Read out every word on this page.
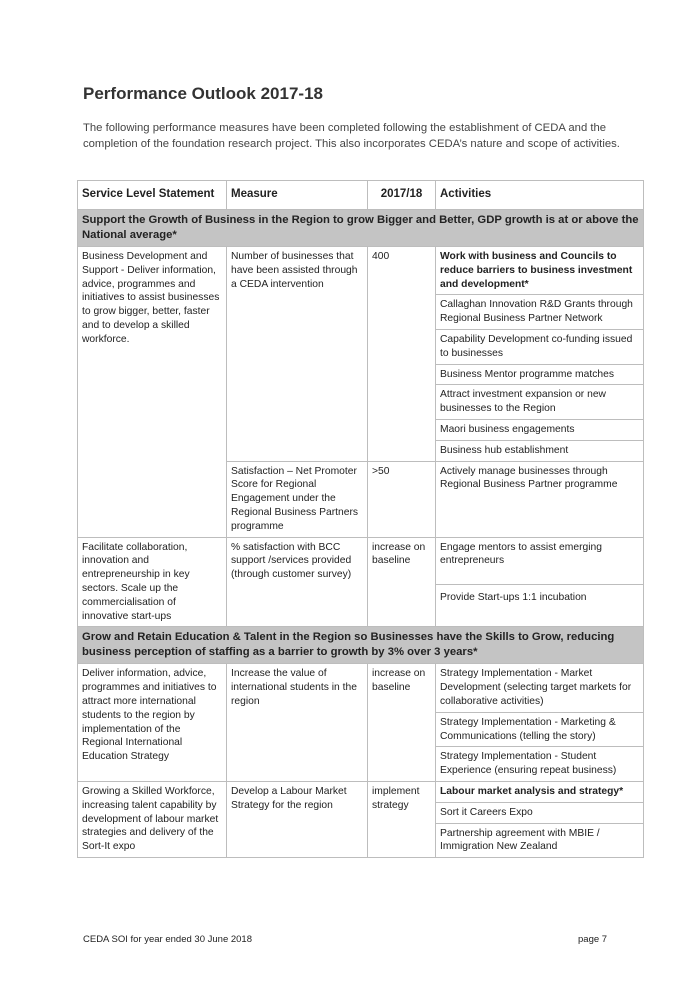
Performance Outlook 2017-18

The following performance measures have been completed following the establishment of CEDA and the completion of the foundation research project. This also incorporates CEDA’s nature and scope of activities.

Service Level Statement	Measure	2017/18	Activities
Support the Growth of Business in the Region to grow Bigger and Better, GDP growth is at or above the National average*			
Business Development and Support - Deliver information, advice, programmes and initiatives to assist businesses to grow bigger, better, faster and to develop a skilled workforce.	Number of businesses that have been assisted through a CEDA intervention	400	Work with business and Councils to reduce barriers to business investment and development*
			Callaghan Innovation R&D Grants through Regional Business Partner Network
			Capability Development co-funding issued to businesses
			Business Mentor programme matches
			Attract investment expansion or new businesses to the Region
			Maori business engagements
			Business hub establishment
	Satisfaction – Net Promoter Score for Regional Engagement under the Regional Business Partners programme	>50	Actively manage businesses through Regional Business Partner programme
Facilitate collaboration, innovation and entrepreneurship in key sectors. Scale up the commercialisation of innovative start-ups	% satisfaction with BCC support /services provided (through customer survey)	increase on baseline	Engage mentors to assist emerging entrepreneurs
			Provide Start-ups 1:1 incubation
Grow and Retain Education & Talent in the Region so Businesses have the Skills to Grow, reducing business perception of staffing as a barrier to growth by 3% over 3 years*			
Deliver information, advice, programmes and initiatives to attract more international students to the region by implementation of the Regional International Education Strategy	Increase the value of international students in the region	increase on baseline	Strategy Implementation - Market Development (selecting target markets for collaborative activities)
			Strategy Implementation - Marketing & Communications (telling the story)
			Strategy Implementation - Student Experience (ensuring repeat business)
Growing a Skilled Workforce, increasing talent capability by development of labour market strategies and delivery of the Sort-It expo	Develop a Labour Market Strategy for the region	implement strategy	Labour market analysis and strategy*
			Sort it Careers Expo
			Partnership agreement with MBIE / Immigration New Zealand
CEDA SOI for year ended 30 June 2018	page 7
